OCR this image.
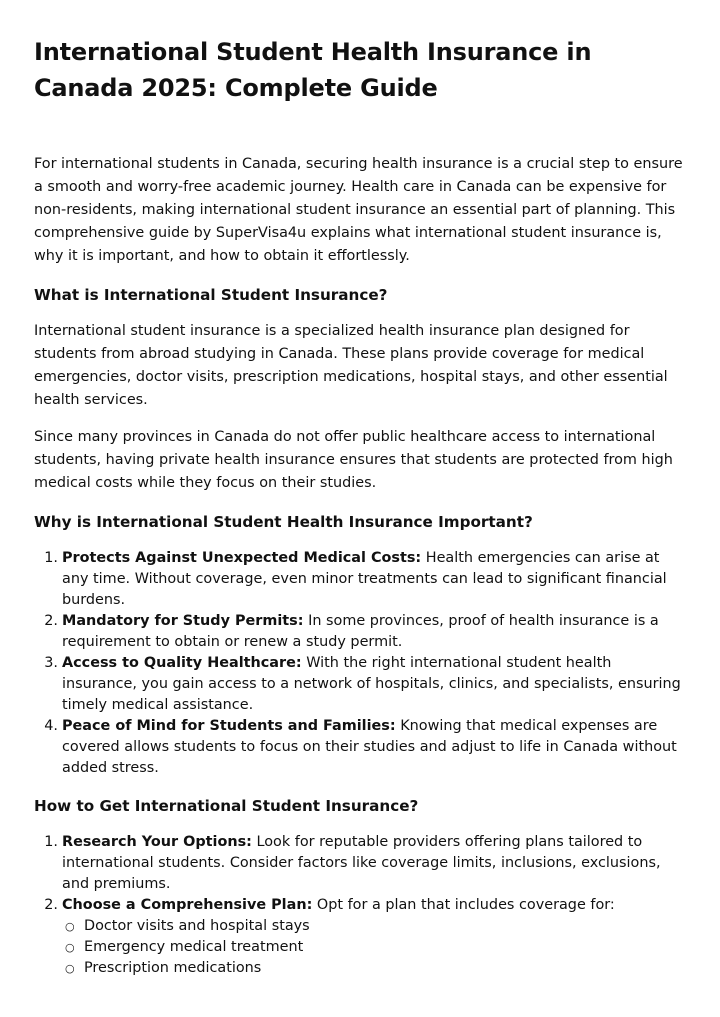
International Student Health Insurance in Canada 2025: Complete Guide

For international students in Canada, securing health insurance is a crucial step to ensure a smooth and worry-free academic journey. Health care in Canada can be expensive for non-residents, making international student insurance an essential part of planning. This comprehensive guide by SuperVisa4u explains what international student insurance is, why it is important, and how to obtain it effortlessly.

What is International Student Insurance?

International student insurance is a specialized health insurance plan designed for students from abroad studying in Canada. These plans provide coverage for medical emergencies, doctor visits, prescription medications, hospital stays, and other essential health services.

Since many provinces in Canada do not offer public healthcare access to international students, having private health insurance ensures that students are protected from high medical costs while they focus on their studies.

Why is International Student Health Insurance Important?
1. Protects Against Unexpected Medical Costs: Health emergencies can arise at any time. Without coverage, even minor treatments can lead to significant financial burdens.
2. Mandatory for Study Permits: In some provinces, proof of health insurance is a requirement to obtain or renew a study permit.
3. Access to Quality Healthcare: With the right international student health insurance, you gain access to a network of hospitals, clinics, and specialists, ensuring timely medical assistance.
4. Peace of Mind for Students and Families: Knowing that medical expenses are covered allows students to focus on their studies and adjust to life in Canada without added stress.
How to Get International Student Insurance?
1. Research Your Options: Look for reputable providers offering plans tailored to international students. Consider factors like coverage limits, inclusions, exclusions, and premiums.
2. Choose a Comprehensive Plan: Opt for a plan that includes coverage for:
○ Doctor visits and hospital stays
○ Emergency medical treatment
○ Prescription medications
